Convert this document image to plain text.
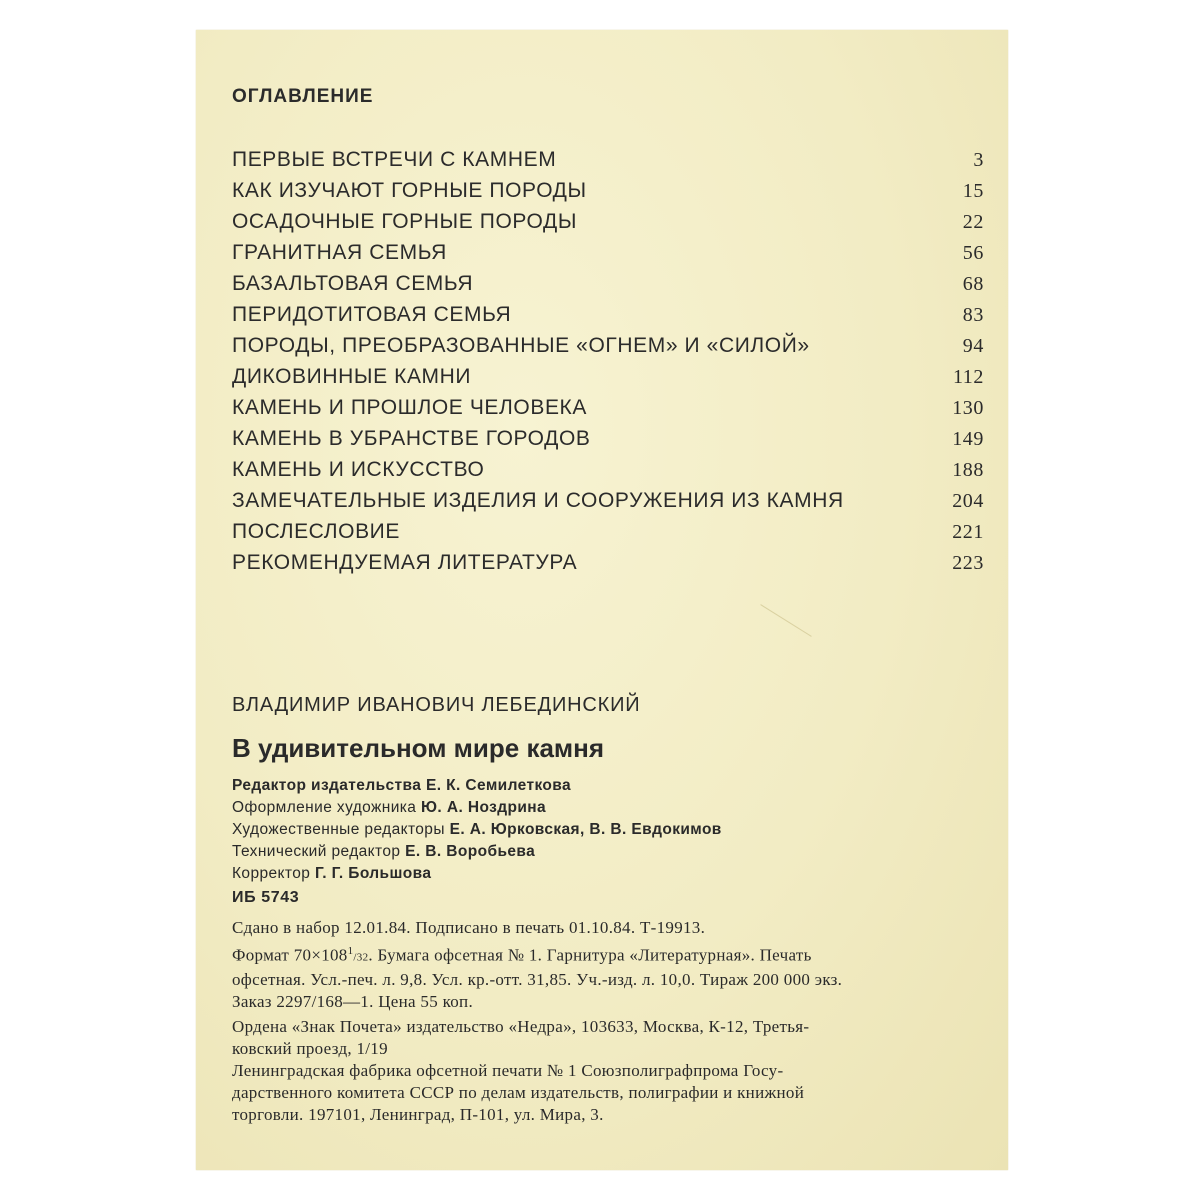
ОГЛАВЛЕНИЕ
ПЕРВЫЕ ВСТРЕЧИ С КАМНЕМ	3
КАК ИЗУЧАЮТ ГОРНЫЕ ПОРОДЫ	15
ОСАДОЧНЫЕ ГОРНЫЕ ПОРОДЫ	22
ГРАНИТНАЯ СЕМЬЯ	56
БАЗАЛЬТОВАЯ СЕМЬЯ	68
ПЕРИДОТИТОВАЯ СЕМЬЯ	83
ПОРОДЫ, ПРЕОБРАЗОВАННЫЕ «ОГНЕМ» И «СИЛОЙ»	94
ДИКОВИННЫЕ КАМНИ	112
КАМЕНЬ И ПРОШЛОЕ ЧЕЛОВЕКА	130
КАМЕНЬ В УБРАНСТВЕ ГОРОДОВ	149
КАМЕНЬ И ИСКУССТВО	188
ЗАМЕЧАТЕЛЬНЫЕ ИЗДЕЛИЯ И СООРУЖЕНИЯ ИЗ КАМНЯ	204
ПОСЛЕСЛОВИЕ	221
РЕКОМЕНДУЕМАЯ ЛИТЕРАТУРА	223
ВЛАДИМИР ИВАНОВИЧ ЛЕБЕДИНСКИЙ
В удивительном мире камня
Редактор издательства Е. К. Семилеткова
Оформление художника Ю. А. Ноздрина
Художественные редакторы Е. А. Юрковская, В. В. Евдокимов
Технический редактор Е. В. Воробьева
Корректор Г. Г. Большова
ИБ 5743
Сдано в набор 12.01.84. Подписано в печать 01.10.84. Т-19913.
Формат $70\times 108^1/32$. Бумага офсетная № 1. Гарнитура «Литературная». Печать
офсетная. Усл.-печ. л. 9,8. Усл. кр.-отт. 31,85. Уч.-изд. л. 10,0. Тираж 200 000 экз.
Заказ 2297/168—1. Цена 55 коп.
Ордена «Знак Почета» издательство «Недра», 103633, Москва, К-12, Третья-
ковский проезд, 1/19
Ленинградская фабрика офсетной печати № 1 Союзполиграфпрома Госу-
дарственного комитета СССР по делам издательств, полиграфии и книжной
торговли. 197101, Ленинград, П-101, ул. Мира, 3.
